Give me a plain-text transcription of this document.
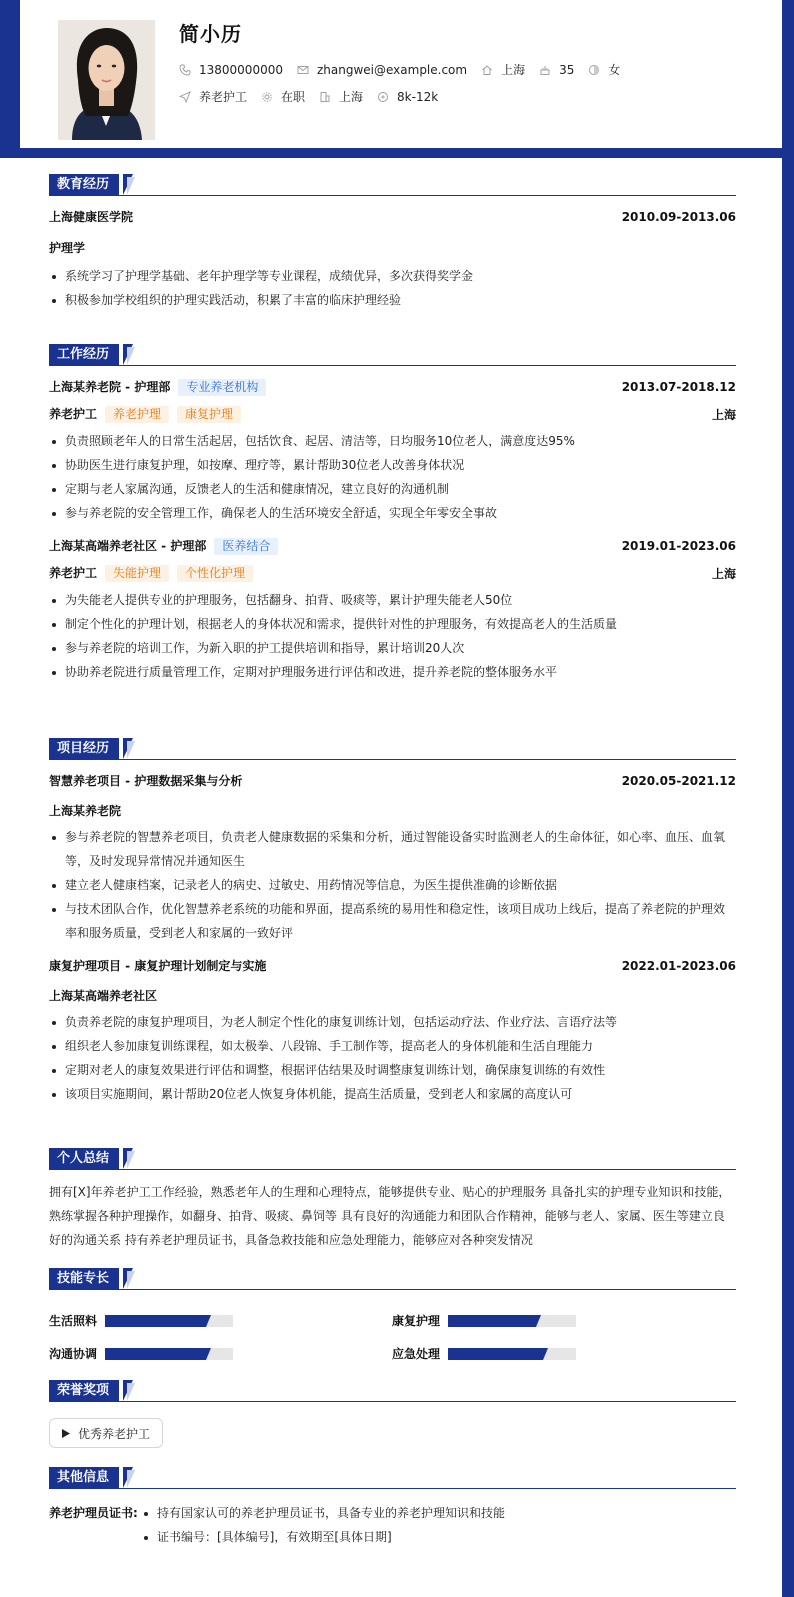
简小历
13800000000	zhangwei@example.com	上海	35	女
养老护工	在职	上海	8k-12k
教育经历
上海健康医学院	2010.09-2013.06
护理学
系统学习了护理学基础、老年护理学等专业课程，成绩优异，多次获得奖学金
积极参加学校组织的护理实践活动，积累了丰富的临床护理经验
工作经历
上海某养老院 - 护理部 专业养老机构	2013.07-2018.12
养老护工 养老护理 康复护理	上海
负责照顾老年人的日常生活起居，包括饮食、起居、清洁等，日均服务10位老人，满意度达95%
协助医生进行康复护理，如按摩、理疗等，累计帮助30位老人改善身体状况
定期与老人家属沟通，反馈老人的生活和健康情况，建立良好的沟通机制
参与养老院的安全管理工作，确保老人的生活环境安全舒适，实现全年零安全事故
上海某高端养老社区 - 护理部 医养结合	2019.01-2023.06
养老护工 失能护理 个性化护理	上海
为失能老人提供专业的护理服务，包括翻身、拍背、吸痰等，累计护理失能老人50位
制定个性化的护理计划，根据老人的身体状况和需求，提供针对性的护理服务，有效提高老人的生活质量
参与养老院的培训工作，为新入职的护工提供培训和指导，累计培训20人次
协助养老院进行质量管理工作，定期对护理服务进行评估和改进，提升养老院的整体服务水平
项目经历
智慧养老项目 - 护理数据采集与分析	2020.05-2021.12
上海某养老院
参与养老院的智慧养老项目，负责老人健康数据的采集和分析，通过智能设备实时监测老人的生命体征，如心率、血压、血氧等，及时发现异常情况并通知医生
建立老人健康档案，记录老人的病史、过敏史、用药情况等信息，为医生提供准确的诊断依据
与技术团队合作，优化智慧养老系统的功能和界面，提高系统的易用性和稳定性，该项目成功上线后，提高了养老院的护理效率和服务质量，受到老人和家属的一致好评
康复护理项目 - 康复护理计划制定与实施	2022.01-2023.06
上海某高端养老社区
负责养老院的康复护理项目，为老人制定个性化的康复训练计划，包括运动疗法、作业疗法、言语疗法等
组织老人参加康复训练课程，如太极拳、八段锦、手工制作等，提高老人的身体机能和生活自理能力
定期对老人的康复效果进行评估和调整，根据评估结果及时调整康复训练计划，确保康复训练的有效性
该项目实施期间，累计帮助20位老人恢复身体机能，提高生活质量，受到老人和家属的高度认可
个人总结
拥有[X]年养老护工工作经验，熟悉老年人的生理和心理特点，能够提供专业、贴心的护理服务 具备扎实的护理专业知识和技能，熟练掌握各种护理操作，如翻身、拍背、吸痰、鼻饲等 具有良好的沟通能力和团队合作精神，能够与老人、家属、医生等建立良好的沟通关系 持有养老护理员证书，具备急救技能和应急处理能力，能够应对各种突发情况
技能专长
生活照料	康复护理
沟通协调	应急处理
荣誉奖项
优秀养老护工
其他信息
养老护理员证书:	持有国家认可的养老护理员证书，具备专业的养老护理知识和技能
证书编号：[具体编号]，有效期至[具体日期]
